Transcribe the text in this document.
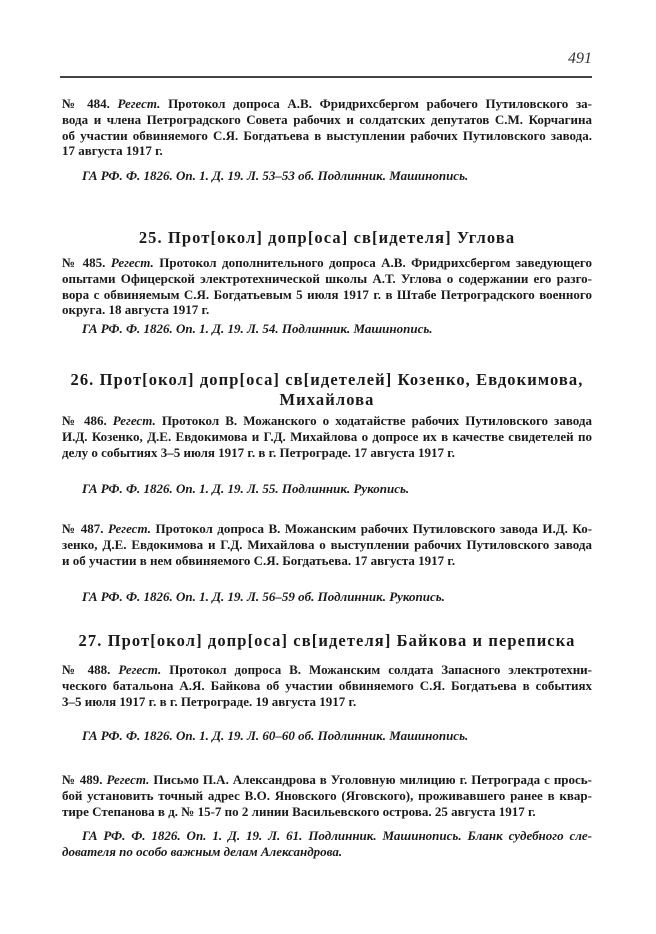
491
№ 484. Регест. Протокол допроса А.В. Фридрихсбергом рабочего Путиловского за-
вода и члена Петроградского Совета рабочих и солдатских депутатов С.М. Корчагина
об участии обвиняемого С.Я. Богдатьева в выступлении рабочих Путиловского завода.
17 августа 1917 г.
ГА РФ. Ф. 1826. Оп. 1. Д. 19. Л. 53–53 об. Подлинник. Машинопись.
25. Прот[окол] допр[оса] св[идетеля] Углова
№ 485. Регест. Протокол дополнительного допроса А.В. Фридрихсбергом заведующего
опытами Офицерской электротехнической школы А.Т. Углова о содержании его разго-
вора с обвиняемым С.Я. Богдатьевым 5 июля 1917 г. в Штабе Петроградского военного
округа. 18 августа 1917 г.
ГА РФ. Ф. 1826. Оп. 1. Д. 19. Л. 54. Подлинник. Машинопись.
26. Прот[окол] допр[оса] св[идетелей] Козенко, Евдокимова,
Михайлова
№ 486. Регест. Протокол В. Можанского о ходатайстве рабочих Путиловского завода
И.Д. Козенко, Д.Е. Евдокимова и Г.Д. Михайлова о допросе их в качестве свидетелей по
делу о событиях 3–5 июля 1917 г. в г. Петрограде. 17 августа 1917 г.
ГА РФ. Ф. 1826. Оп. 1. Д. 19. Л. 55. Подлинник. Рукопись.
№ 487. Регест. Протокол допроса В. Можанским рабочих Путиловского завода И.Д. Ко-
зенко, Д.Е. Евдокимова и Г.Д. Михайлова о выступлении рабочих Путиловского завода
и об участии в нем обвиняемого С.Я. Богдатьева. 17 августа 1917 г.
ГА РФ. Ф. 1826. Оп. 1. Д. 19. Л. 56–59 об. Подлинник. Рукопись.
27. Прот[окол] допр[оса] св[идетеля] Байкова и переписка
№ 488. Регест. Протокол допроса В. Можанским солдата Запасного электротехни-
ческого батальона А.Я. Байкова об участии обвиняемого С.Я. Богдатьева в событиях
3–5 июля 1917 г. в г. Петрограде. 19 августа 1917 г.
ГА РФ. Ф. 1826. Оп. 1. Д. 19. Л. 60–60 об. Подлинник. Машинопись.
№ 489. Регест. Письмо П.А. Александрова в Уголовную милицию г. Петрограда с прось-
бой установить точный адрес В.О. Яновского (Яговского), проживавшего ранее в квар-
тире Степанова в д. № 15-7 по 2 линии Васильевского острова. 25 августа 1917 г.
ГА РФ. Ф. 1826. Оп. 1. Д. 19. Л. 61. Подлинник. Машинопись. Бланк судебного сле-
дователя по особо важным делам Александрова.
